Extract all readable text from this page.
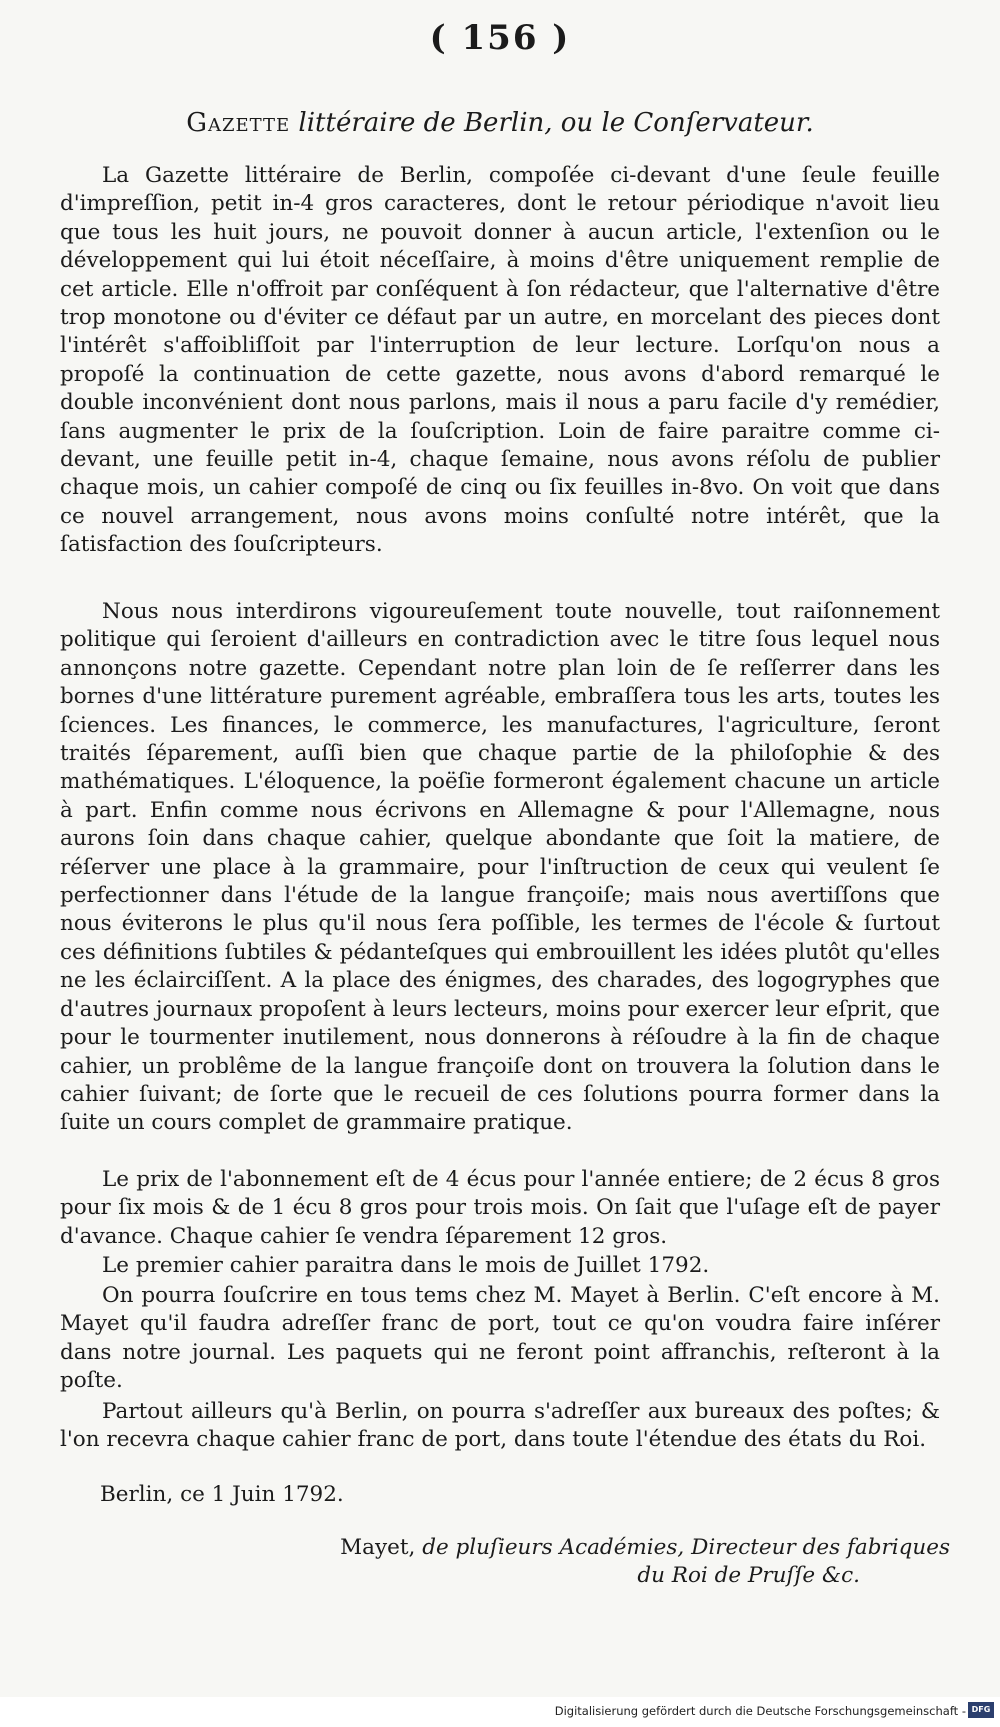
( 156 )
Gazette littéraire de Berlin, ou le Conſervateur.

La Gazette littéraire de Berlin, compoſée ci-devant d'une ſeule feuille d'impreſſion, petit in-4 gros caracteres, dont le retour périodique n'avoit lieu que tous les huit jours, ne pouvoit donner à aucun article, l'extenſion ou le développement qui lui étoit néceſſaire, à moins d'être uniquement remplie de cet article. Elle n'offroit par conſéquent à ſon rédacteur, que l'alternative d'être trop monotone ou d'éviter ce défaut par un autre, en morcelant des pieces dont l'intérêt s'affoibliſſoit par l'interruption de leur lecture. Lorſqu'on nous a propoſé la continuation de cette gazette, nous avons d'abord remarqué le double inconvénient dont nous parlons, mais il nous a paru facile d'y remédier, ſans augmenter le prix de la ſouſcription. Loin de faire paraitre comme ci-devant, une feuille petit in-4, chaque ſemaine, nous avons réſolu de publier chaque mois, un cahier compoſé de cinq ou ſix feuilles in-8vo. On voit que dans ce nouvel arrangement, nous avons moins conſulté notre intérêt, que la ſatisfaction des ſouſcripteurs.

Nous nous interdirons vigoureuſement toute nouvelle, tout raiſonnement politique qui ſeroient d'ailleurs en contradiction avec le titre ſous lequel nous annonçons notre gazette. Cependant notre plan loin de ſe reſſerrer dans les bornes d'une littérature purement agréable, embraſſera tous les arts, toutes les ſciences. Les finances, le commerce, les manufactures, l'agriculture, ſeront traités ſéparement, auſſi bien que chaque partie de la philoſophie & des mathématiques. L'éloquence, la poëſie formeront également chacune un article à part. Enfin comme nous écrivons en Allemagne & pour l'Allemagne, nous aurons ſoin dans chaque cahier, quelque abondante que ſoit la matiere, de réſerver une place à la grammaire, pour l'inſtruction de ceux qui veulent ſe perfectionner dans l'étude de la langue françoiſe; mais nous avertiſſons que nous éviterons le plus qu'il nous ſera poſſible, les termes de l'école & ſurtout ces définitions ſubtiles & pédanteſques qui embrouillent les idées plutôt qu'elles ne les éclairciſſent. A la place des énigmes, des charades, des logogryphes que d'autres journaux propoſent à leurs lecteurs, moins pour exercer leur eſprit, que pour le tourmenter inutilement, nous donnerons à réſoudre à la fin de chaque cahier, un problême de la langue françoiſe dont on trouvera la ſolution dans le cahier ſuivant; de ſorte que le recueil de ces ſolutions pourra former dans la ſuite un cours complet de grammaire pratique.

Le prix de l'abonnement eſt de 4 écus pour l'année entiere; de 2 écus 8 gros pour ſix mois & de 1 écu 8 gros pour trois mois. On ſait que l'uſage eſt de payer d'avance. Chaque cahier ſe vendra ſéparement 12 gros.

Le premier cahier paraitra dans le mois de Juillet 1792.

On pourra ſouſcrire en tous tems chez M. Mayet à Berlin. C'eſt encore à M. Mayet qu'il faudra adreſſer franc de port, tout ce qu'on voudra faire inſérer dans notre journal. Les paquets qui ne feront point affranchis, reſteront à la poſte.

Partout ailleurs qu'à Berlin, on pourra s'adreſſer aux bureaux des poſtes; & l'on recevra chaque cahier franc de port, dans toute l'étendue des états du Roi.

Berlin, ce 1 Juin 1792.
Mayet, de pluſieurs Académies, Directeur des fabriques
du Roi de Pruſſe &c.
Digitalisierung gefördert durch die Deutsche Forschungsgemeinschaft - DFG
